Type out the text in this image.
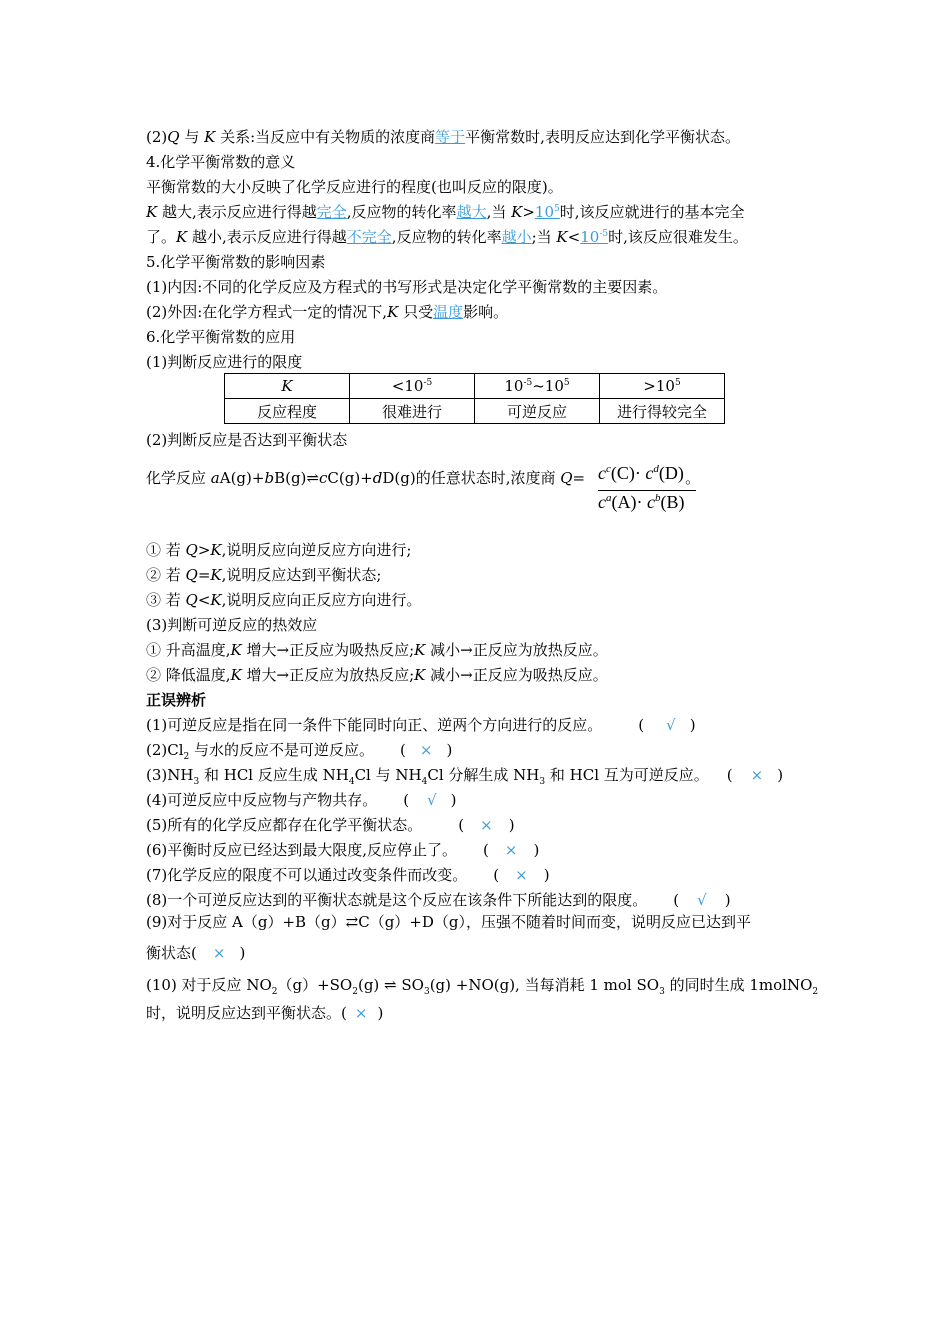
(2)Q 与 K 关系:当反应中有关物质的浓度商等于平衡常数时,表明反应达到化学平衡状态。
4.化学平衡常数的意义
平衡常数的大小反映了化学反应进行的程度(也叫反应的限度)。
K 越大,表示反应进行得越完全,反应物的转化率越大,当 $K>10^5$时,该反应就进行的基本完全
了。K 越小,表示反应进行得越不完全,反应物的转化率越小;当 $K<10^{-5}$时,该反应很难发生。
5.化学平衡常数的影响因素
(1)内因:不同的化学反应及方程式的书写形式是决定化学平衡常数的主要因素。
(2)外因:在化学方程式一定的情况下,K 只受温度影响。
6.化学平衡常数的应用
(1)判断反应进行的限度
K	$<10^{-5}$	$10^{-5}\sim 10^5$	$>10^5$
反应程度	很难进行	可逆反应	进行得较完全
(2)判断反应是否达到平衡状态
化学反应 aA(g)+bB(g)⇌cC(g)+dD(g)的任意状态时,浓度商 Q=	。
$c^c(C)\cdot c^d(D)$
$c^a(A)\cdot c^b(B)$
① 若 Q>K,说明反应向逆反应方向进行;
② 若 Q=K,说明反应达到平衡状态;
③ 若 Q<K,说明反应向正反应方向进行。
(3)判断可逆反应的热效应
① 升高温度,K 增大→正反应为吸热反应;K 减小→正反应为放热反应。
② 降低温度,K 增大→正反应为放热反应;K 减小→正反应为吸热反应。
正误辨析
(1)可逆反应是指在同一条件下能同时向正、逆两个方向进行的反应。 ( √ )
$(2)Cl_2$ 与水的反应不是可逆反应。 ( × )
$(3)NH_3$ 和 HCl 反应生成 $NH_4Cl$ 与 $NH_4Cl$ 分解生成 $NH_3$ 和 HCl 互为可逆反应。 ( × )
(4)可逆反应中反应物与产物共存。 ( √ )
(5)所有的化学反应都存在化学平衡状态。 ( × )
(6)平衡时反应已经达到最大限度,反应停止了。 ( × )
(7)化学反应的限度不可以通过改变条件而改变。 ( × )
(8)一个可逆反应达到的平衡状态就是这个反应在该条件下所能达到的限度。 ( √ )
(9)对于反应 A（g）+B（g）⇄C（g）+D（g），压强不随着时间而变，说明反应已达到平
衡状态( × )
(10) 对于反应 $NO_2(g)+SO_2(g)$ ⇌ $SO_3(g) +NO(g)$, 当每消耗 1 mol $SO_3$ 的同时生成 1molNO$_2$
时，说明反应达到平衡状态。( × )
